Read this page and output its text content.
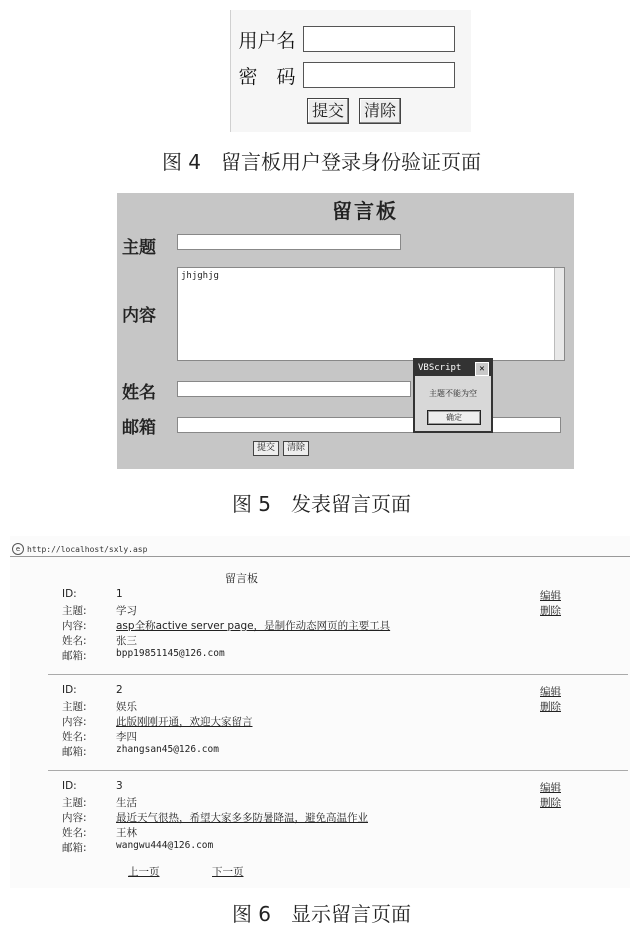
用户名
密　码
提交	清除
图 4　留言板用户登录身份验证页面
留言板
主题
内容
jhjghjg
姓名
邮箱
提交	清除
VBScript	✕
主题不能为空
确定
图 5　发表留言页面
e http://localhost/sxly.asp
留言板
ID:	1
主题:	学习
内容:	asp全称active server page，是制作动态网页的主要工具
姓名:	张三
邮箱:	bpp19851145@126.com
编辑
删除
ID:	2
主题:	娱乐
内容:	此版刚刚开通，欢迎大家留言
姓名:	李四
邮箱:	zhangsan45@126.com
编辑
删除
ID:	3
主题:	生活
内容:	最近天气很热，希望大家多多防暑降温，避免高温作业
姓名:	王林
邮箱:	wangwu444@126.com
编辑
删除
上一页	下一页
图 6　显示留言页面
